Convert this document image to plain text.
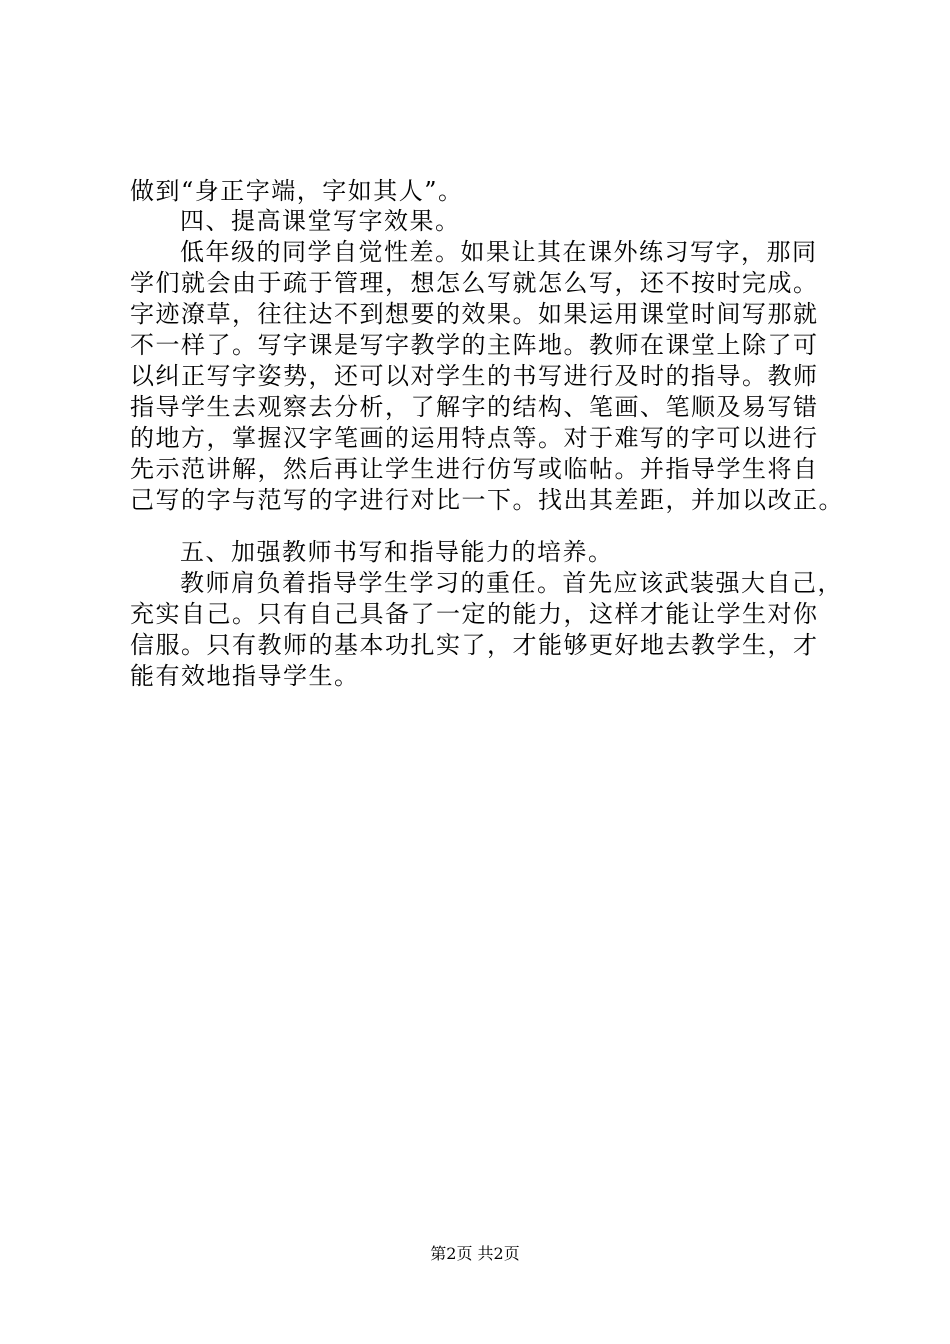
做到“身正字端，字如其人”。

四、提高课堂写字效果。

低年级的同学自觉性差。如果让其在课外练习写字，那同

学们就会由于疏于管理，想怎么写就怎么写，还不按时完成。

字迹潦草，往往达不到想要的效果。如果运用课堂时间写那就

不一样了。写字课是写字教学的主阵地。教师在课堂上除了可

以纠正写字姿势，还可以对学生的书写进行及时的指导。教师

指导学生去观察去分析，了解字的结构、笔画、笔顺及易写错

的地方，掌握汉字笔画的运用特点等。对于难写的字可以进行

先示范讲解，然后再让学生进行仿写或临帖。并指导学生将自

己写的字与范写的字进行对比一下。找出其差距，并加以改正。

五、加强教师书写和指导能力的培养。

教师肩负着指导学生学习的重任。首先应该武装强大自己，

充实自己。只有自己具备了一定的能力，这样才能让学生对你

信服。只有教师的基本功扎实了，才能够更好地去教学生，才

能有效地指导学生。

第2页 共2页
